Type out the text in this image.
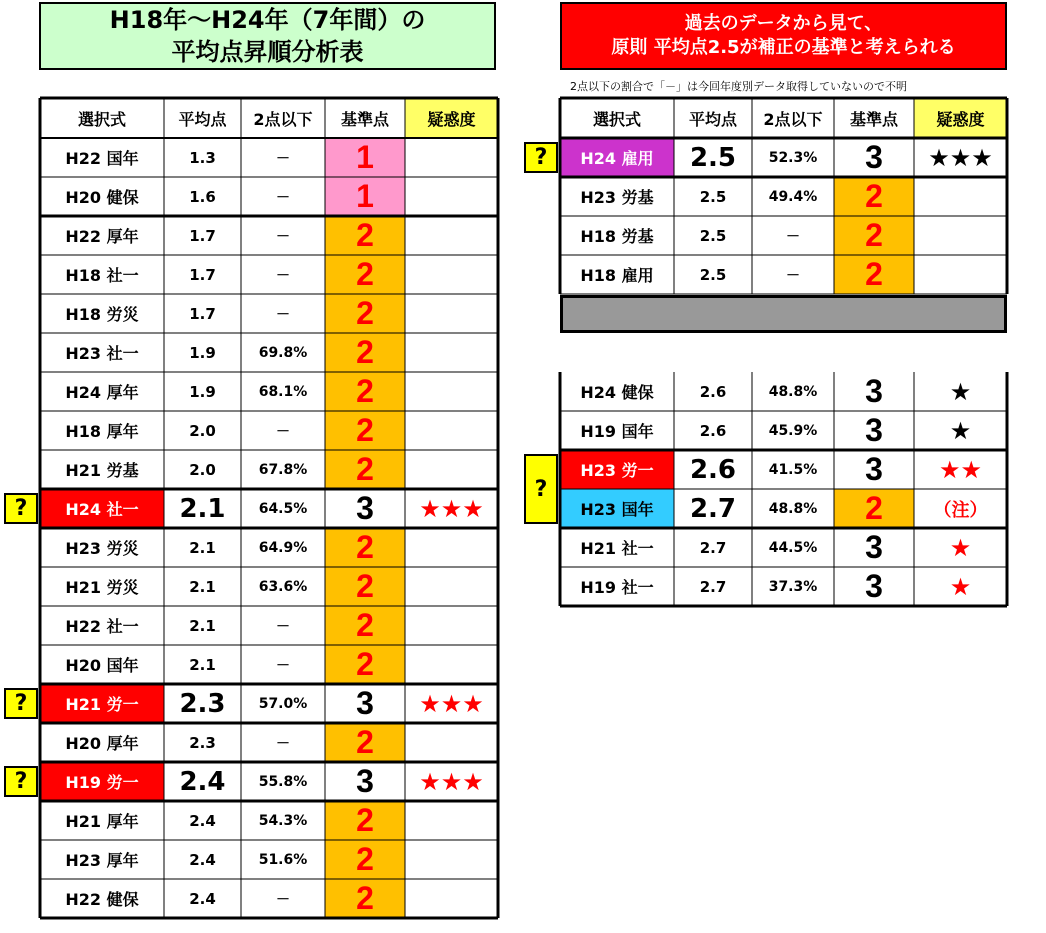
H18年～H24年（7年間）の
平均点昇順分析表
過去のデータから見て、
原則 平均点2.5が補正の基準と考えられる
2点以下の割合で「－」は今回年度別データ取得していないので不明
選択式	平均点	2点以下	基準点	疑惑度
H22 国年	1.3	－	1
H20 健保	1.6	－	1
H22 厚年	1.7	－	2
H18 社一	1.7	－	2
H18 労災	1.7	－	2
H23 社一	1.9	69.8%	2
H24 厚年	1.9	68.1%	2
H18 厚年	2.0	－	2
H21 労基	2.0	67.8%	2
H24 社一	2.1	64.5%	3	★★★
H23 労災	2.1	64.9%	2
H21 労災	2.1	63.6%	2
H22 社一	2.1	－	2
H20 国年	2.1	－	2
H21 労一	2.3	57.0%	3	★★★
H20 厚年	2.3	－	2
H19 労一	2.4	55.8%	3	★★★
H21 厚年	2.4	54.3%	2
H23 厚年	2.4	51.6%	2
H22 健保	2.4	－	2
選択式	平均点	2点以下	基準点	疑惑度
H24 雇用	2.5	52.3%	3	★★★
H23 労基	2.5	49.4%	2
H18 労基	2.5	－	2
H18 雇用	2.5	－	2
H24 健保	2.6	48.8%	3	★
H19 国年	2.6	45.9%	3	★
H23 労一	2.6	41.5%	3	★★
H23 国年	2.7	48.8%	2	（注）
H21 社一	2.7	44.5%	3	★
H19 社一	2.7	37.3%	3	★
?
?
?
?
?
